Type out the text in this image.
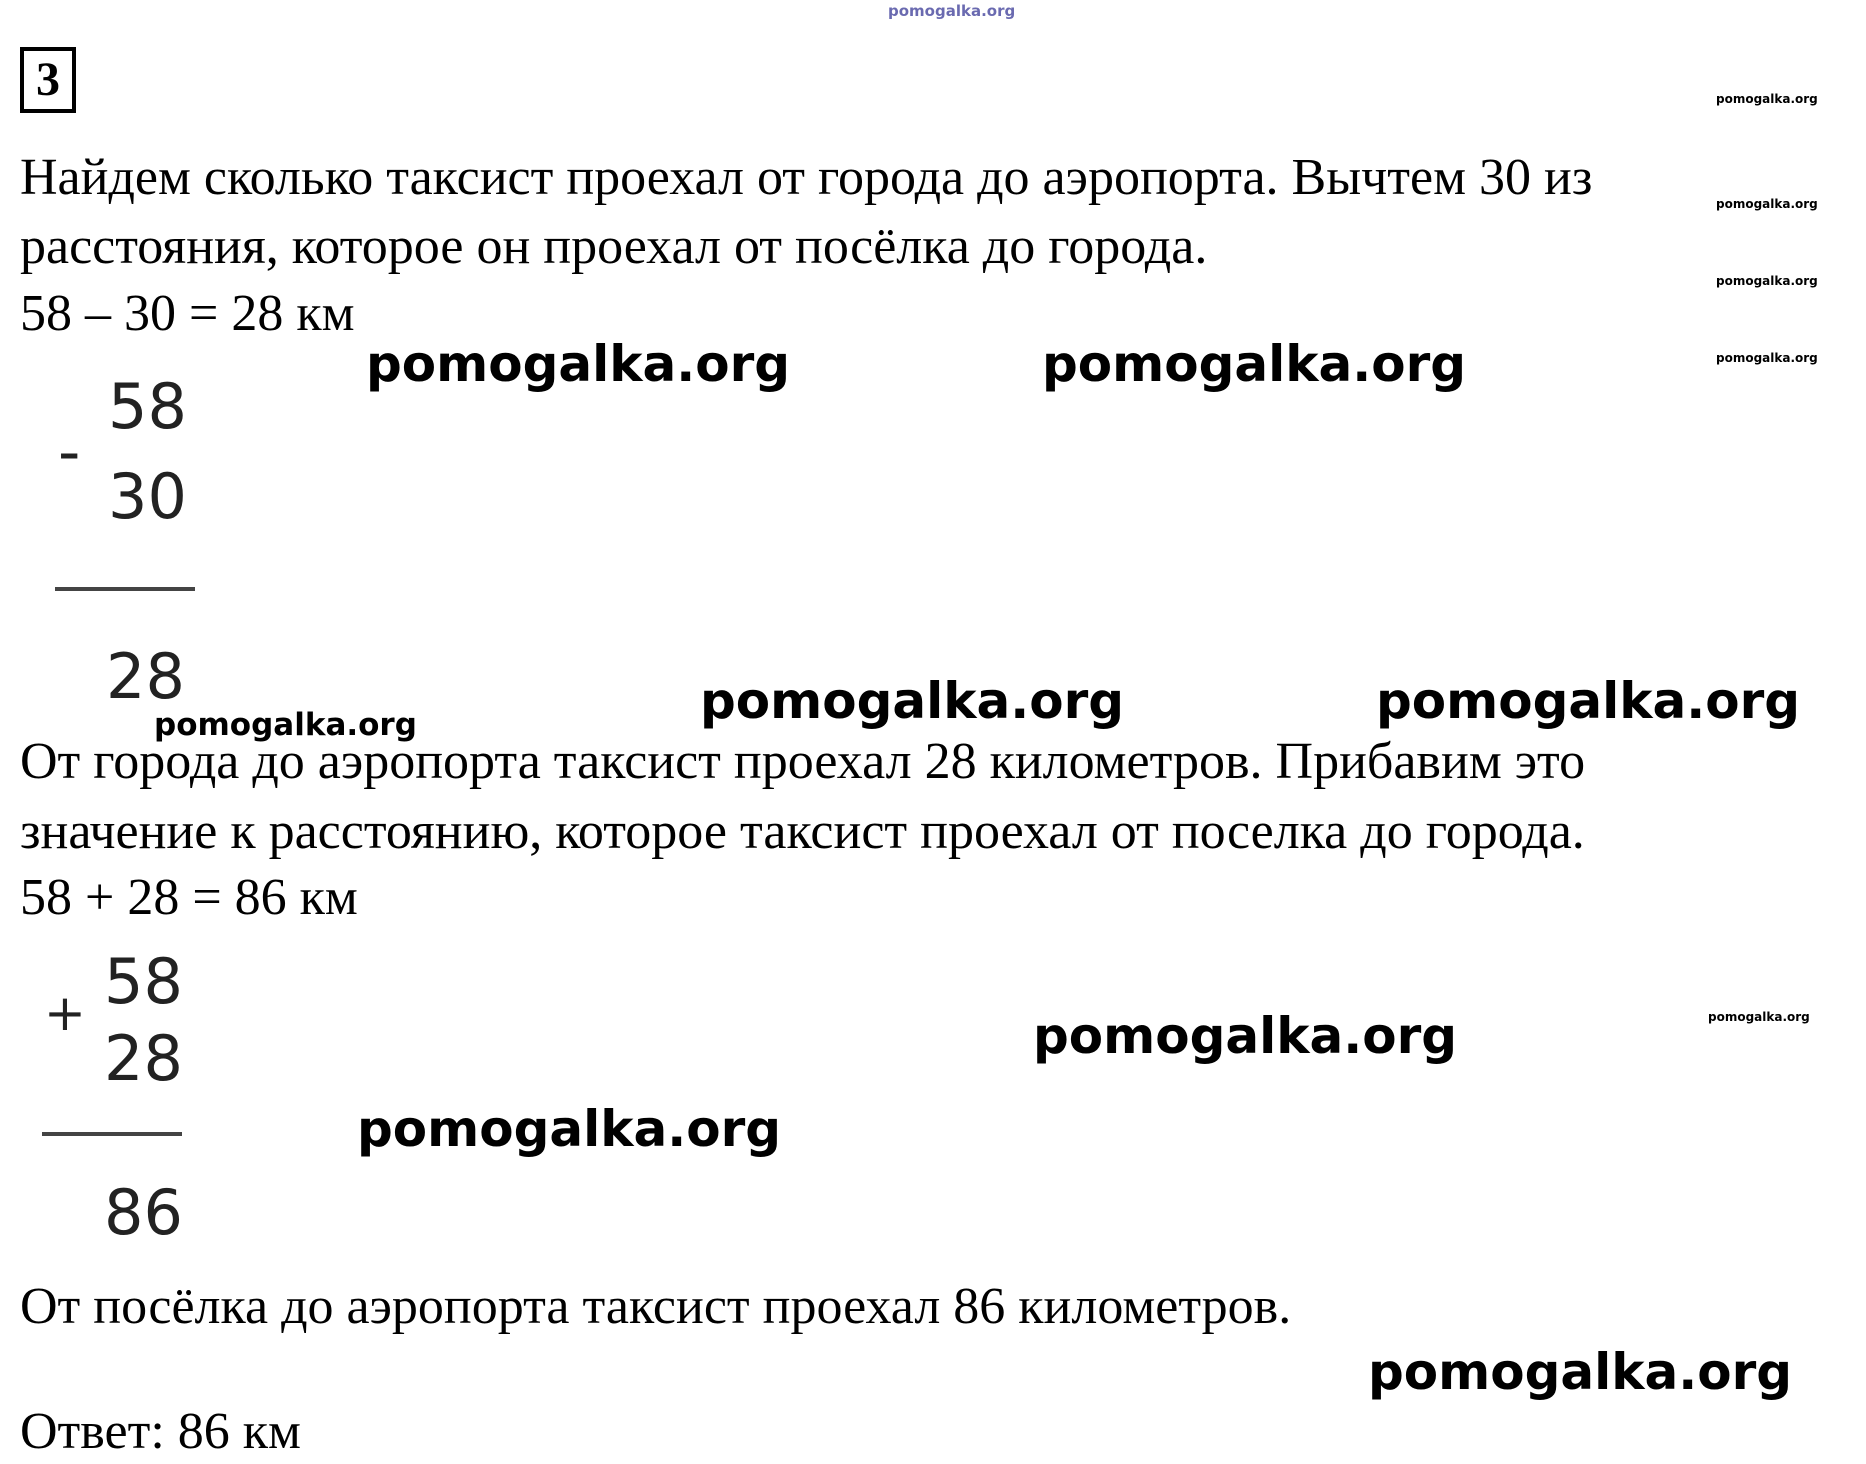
pomogalka.org
3
Найдем сколько таксист проехал от города до аэропорта. Вычтем 30 из
расстояния, которое он проехал от посёлка до города.
58 – 30 = 28 км
58
-
30
28
От города до аэропорта таксист проехал 28 километров. Прибавим это
значение к расстоянию, которое таксист проехал от поселка до города.
58 + 28 = 86 км
58
+
28
86
От посёлка до аэропорта таксист проехал 86 километров.
Ответ: 86 км
pomogalka.org	pomogalka.org
pomogalka.org	pomogalka.org
pomogalka.org
pomogalka.org
pomogalka.org
pomogalka.org
pomogalka.org
pomogalka.org
pomogalka.org
pomogalka.org
pomogalka.org
